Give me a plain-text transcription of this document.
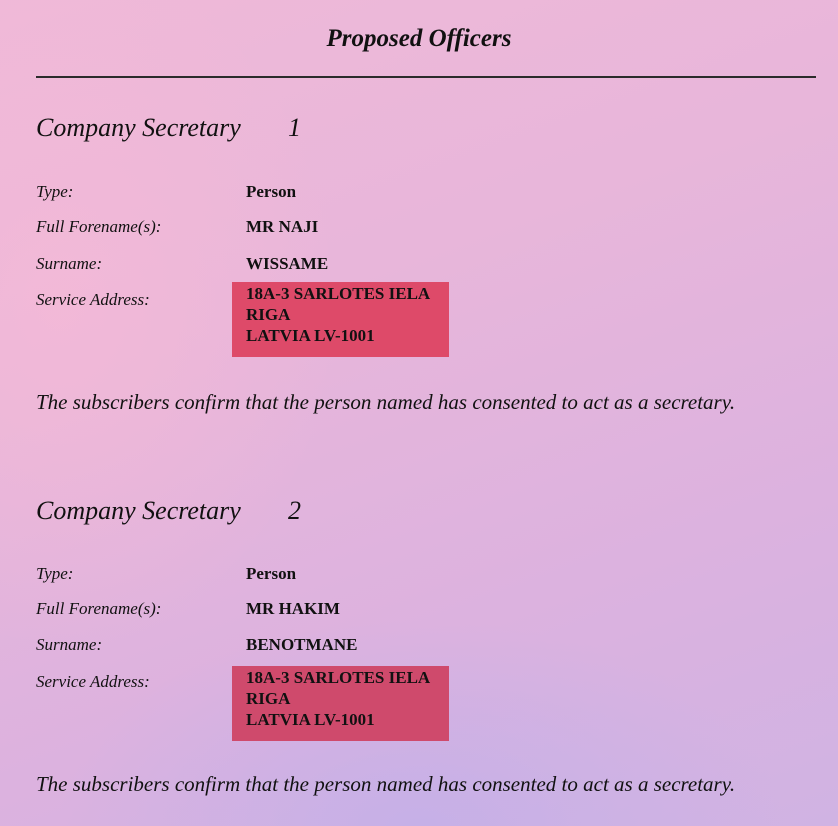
Proposed Officers
Company Secretary 1
Type:	Person
Full Forename(s):	MR NAJI
Surname:	WISSAME
Service Address:	18A-3 SARLOTES IELA
RIGA
LATVIA LV-1001
The subscribers confirm that the person named has consented to act as a secretary.
Company Secretary 2
Type:	Person
Full Forename(s):	MR HAKIM
Surname:	BENOTMANE
Service Address:	18A-3 SARLOTES IELA
RIGA
LATVIA LV-1001
The subscribers confirm that the person named has consented to act as a secretary.
